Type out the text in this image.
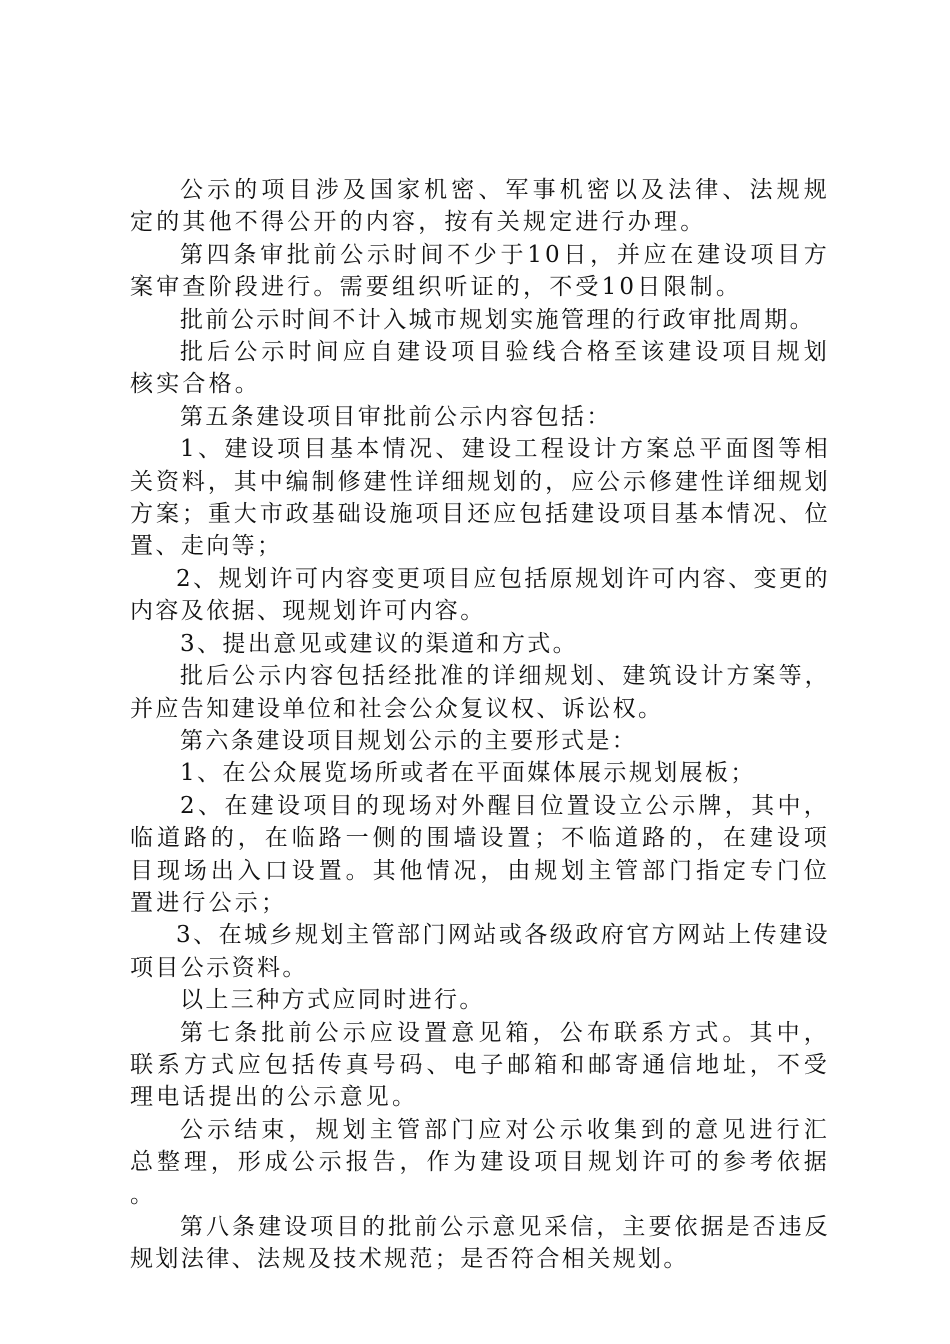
公示的项目涉及国家机密、军事机密以及法律、法规规定的其他不得公开的内容，按有关规定进行办理。

第四条审批前公示时间不少于10日，并应在建设项目方案审查阶段进行。需要组织听证的，不受10日限制。

批前公示时间不计入城市规划实施管理的行政审批周期。

批后公示时间应自建设项目验线合格至该建设项目规划核实合格。

第五条建设项目审批前公示内容包括：

1、建设项目基本情况、建设工程设计方案总平面图等相关资料，其中编制修建性详细规划的，应公示修建性详细规划方案；重大市政基础设施项目还应包括建设项目基本情况、位置、走向等；

2、规划许可内容变更项目应包括原规划许可内容、变更的内容及依据、现规划许可内容。

3、提出意见或建议的渠道和方式。

批后公示内容包括经批准的详细规划、建筑设计方案等，并应告知建设单位和社会公众复议权、诉讼权。

第六条建设项目规划公示的主要形式是：

1、在公众展览场所或者在平面媒体展示规划展板；

2、在建设项目的现场对外醒目位置设立公示牌，其中，临道路的，在临路一侧的围墙设置；不临道路的，在建设项目现场出入口设置。其他情况，由规划主管部门指定专门位置进行公示；

3、在城乡规划主管部门网站或各级政府官方网站上传建设项目公示资料。

以上三种方式应同时进行。

第七条批前公示应设置意见箱，公布联系方式。其中，联系方式应包括传真号码、电子邮箱和邮寄通信地址，不受理电话提出的公示意见。

公示结束，规划主管部门应对公示收集到的意见进行汇总整理，形成公示报告，作为建设项目规划许可的参考依据。

第八条建设项目的批前公示意见采信，主要依据是否违反规划法律、法规及技术规范；是否符合相关规划。
